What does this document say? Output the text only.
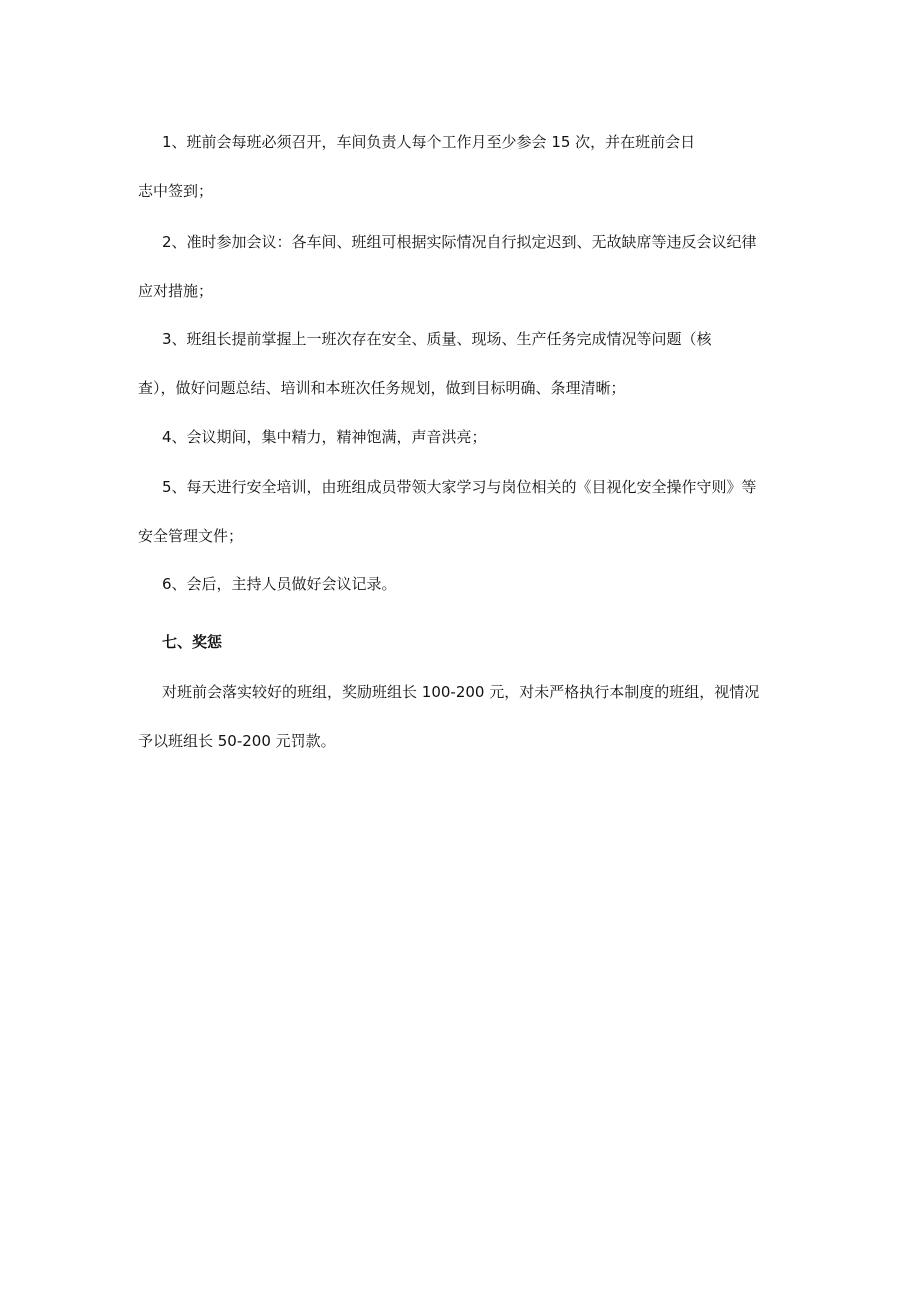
1、班前会每班必须召开，车间负责人每个工作月至少参会 15 次，并在班前会日
志中签到；
2、准时参加会议：各车间、班组可根据实际情况自行拟定迟到、无故缺席等违反会议纪律
应对措施；
3、班组长提前掌握上一班次存在安全、质量、现场、生产任务完成情况等问题（核
查），做好问题总结、培训和本班次任务规划，做到目标明确、条理清晰；
4、会议期间，集中精力，精神饱满，声音洪亮；
5、每天进行安全培训，由班组成员带领大家学习与岗位相关的《目视化安全操作守则》等
安全管理文件；
6、会后，主持人员做好会议记录。
七、奖惩
对班前会落实较好的班组，奖励班组长 100-200 元，对未严格执行本制度的班组，视情况
予以班组长 50-200 元罚款。
